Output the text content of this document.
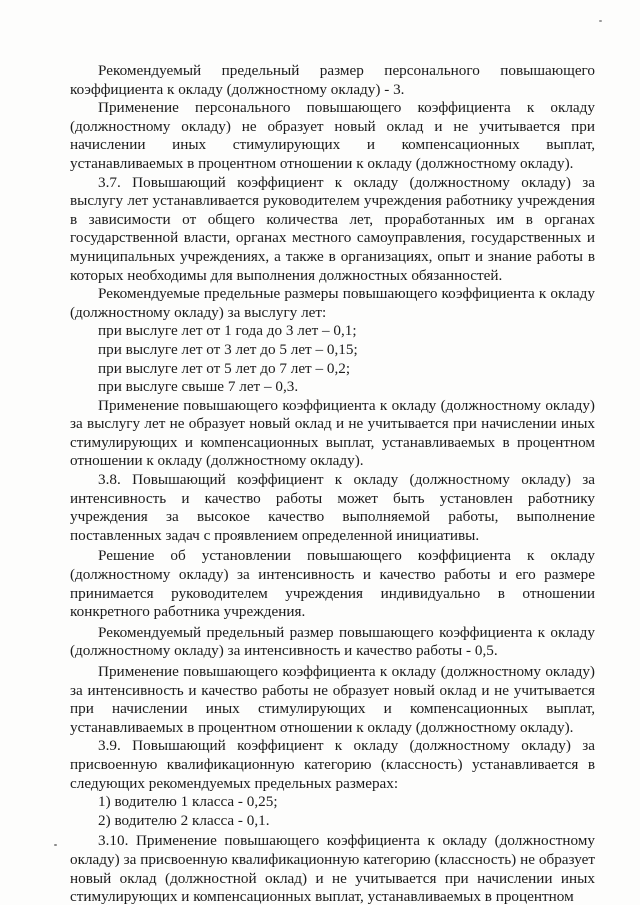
Рекомендуемый предельный размер персонального повышающего коэффициента к окладу (должностному окладу) - 3.

Применение персонального повышающего коэффициента к окладу (должностному окладу) не образует новый оклад и не учитывается при начислении иных стимулирующих и компенсационных выплат, устанавливаемых в процентном отношении к окладу (должностному окладу).

3.7. Повышающий коэффициент к окладу (должностному окладу) за выслугу лет устанавливается руководителем учреждения работнику учреждения в зависимости от общего количества лет, проработанных им в органах государственной власти, органах местного самоуправления, государственных и муниципальных учреждениях, а также в организациях, опыт и знание работы в которых необходимы для выполнения должностных обязанностей.

Рекомендуемые предельные размеры повышающего коэффициента к окладу (должностному окладу) за выслугу лет:

при выслуге лет от 1 года до 3 лет – 0,1;

при выслуге лет от 3 лет до 5 лет – 0,15;

при выслуге лет от 5 лет до 7 лет – 0,2;

при выслуге свыше 7 лет – 0,3.

Применение повышающего коэффициента к окладу (должностному окладу) за выслугу лет не образует новый оклад и не учитывается при начислении иных стимулирующих и компенсационных выплат, устанавливаемых в процентном отношении к окладу (должностному окладу).

3.8. Повышающий коэффициент к окладу (должностному окладу) за интенсивность и качество работы может быть установлен работнику учреждения за высокое качество выполняемой работы, выполнение поставленных задач с проявлением определенной инициативы.

Решение об установлении повышающего коэффициента к окладу (должностному окладу) за интенсивность и качество работы и его размере принимается руководителем учреждения индивидуально в отношении конкретного работника учреждения.

Рекомендуемый предельный размер повышающего коэффициента к окладу (должностному окладу) за интенсивность и качество работы - 0,5.

Применение повышающего коэффициента к окладу (должностному окладу) за интенсивность и качество работы не образует новый оклад и не учитывается при начислении иных стимулирующих и компенсационных выплат, устанавливаемых в процентном отношении к окладу (должностному окладу).

3.9. Повышающий коэффициент к окладу (должностному окладу) за присвоенную квалификационную категорию (классность) устанавливается в следующих рекомендуемых предельных размерах:

1) водителю 1 класса - 0,25;

2) водителю 2 класса - 0,1.

3.10. Применение повышающего коэффициента к окладу (должностному окладу) за присвоенную квалификационную категорию (классность) не образует новый оклад (должностной оклад) и не учитывается при начислении иных стимулирующих и компенсационных выплат, устанавливаемых в процентном
